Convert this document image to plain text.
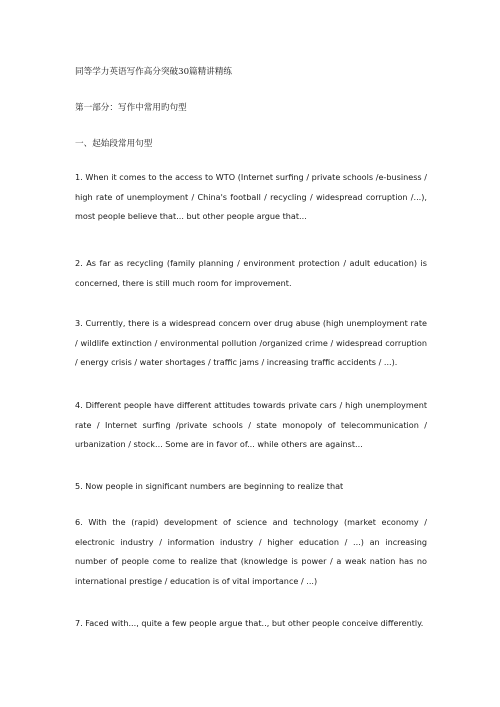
同等学力英语写作高分突破30篇精讲精练
第一部分：写作中常用旳句型
一、起始段常用句型
1. When it comes to the access to WTO (Internet surfing / private schools /e-business / high rate of unemployment / China's football / recycling / widespread corruption /...), most people believe that... but other people argue that...
2. As far as recycling (family planning / environment protection / adult education) is concerned, there is still much room for improvement.
3. Currently, there is a widespread concern over drug abuse (high unemployment rate / wildlife extinction / environmental pollution /organized crime / widespread corruption / energy crisis / water shortages / traffic jams / increasing traffic accidents / ...).
4. Different people have different attitudes towards private cars / high unemployment rate / Internet surfing /private schools / state monopoly of telecommunication / urbanization / stock... Some are in favor of... while others are against...
5. Now people in significant numbers are beginning to realize that
6. With the (rapid) development of science and technology (market economy / electronic industry / information industry / higher education / ...) an increasing number of people come to realize that (knowledge is power / a weak nation has no international prestige / education is of vital importance / ...)
7. Faced with..., quite a few people argue that.., but other people conceive differently.
